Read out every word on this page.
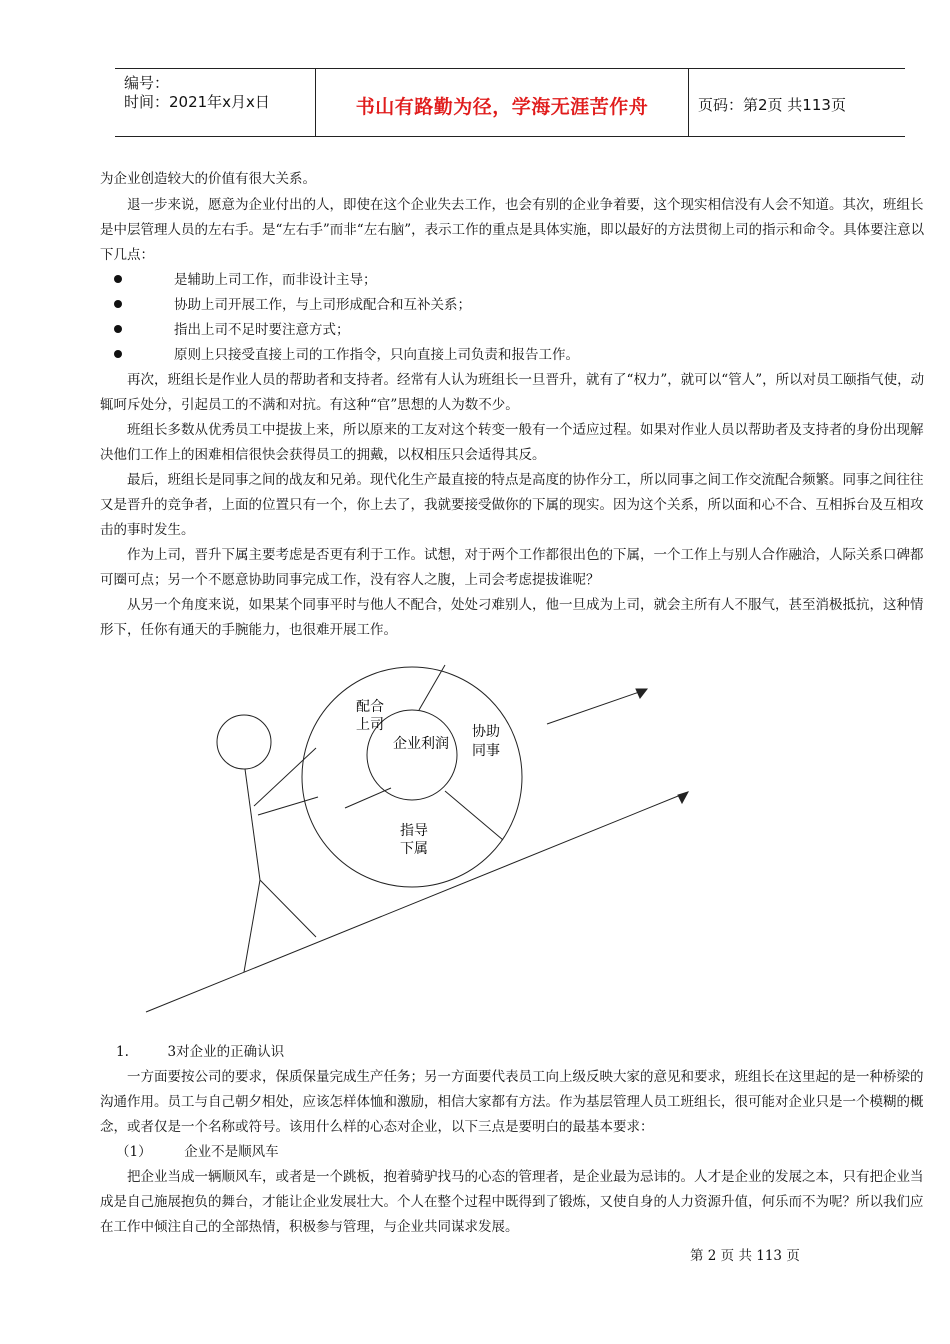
编号：
时间：2021年x月x日	书山有路勤为径，学海无涯苦作舟	页码：第2页 共113页

为企业创造较大的价值有很大关系。

　　退一步来说，愿意为企业付出的人，即使在这个企业失去工作，也会有别的企业争着要，这个现实相信没有人会不知道。其次，班组长是中层管理人员的左右手。是“左右手”而非“左右脑”，表示工作的重点是具体实施，即以最好的方法贯彻上司的指示和命令。具体要注意以下几点：

是辅助上司工作，而非设计主导；
协助上司开展工作，与上司形成配合和互补关系；
指出上司不足时要注意方式；
原则上只接受直接上司的工作指令，只向直接上司负责和报告工作。

　　再次，班组长是作业人员的帮助者和支持者。经常有人认为班组长一旦晋升，就有了“权力”，就可以“管人”，所以对员工颐指气使，动辄呵斥处分，引起员工的不满和对抗。有这种“官”思想的人为数不少。

　　班组长多数从优秀员工中提拔上来，所以原来的工友对这个转变一般有一个适应过程。如果对作业人员以帮助者及支持者的身份出现解决他们工作上的困难相信很快会获得员工的拥戴，以权相压只会适得其反。

　　最后，班组长是同事之间的战友和兄弟。现代化生产最直接的特点是高度的协作分工，所以同事之间工作交流配合频繁。同事之间往往又是晋升的竞争者，上面的位置只有一个，你上去了，我就要接受做你的下属的现实。因为这个关系，所以面和心不合、互相拆台及互相攻击的事时发生。

　　作为上司，晋升下属主要考虑是否更有利于工作。试想，对于两个工作都很出色的下属，一个工作上与别人合作融洽，人际关系口碑都可圈可点；另一个不愿意协助同事完成工作，没有容人之腹，上司会考虑提拔谁呢？

　　从另一个角度来说，如果某个同事平时与他人不配合，处处刁难别人，他一旦成为上司，就会主所有人不服气，甚至消极抵抗，这种情形下，任你有通天的手腕能力，也很难开展工作。

配合
上司
企业利润
协助
同事
指导
下属
1.	3对企业的正确认识

　　一方面要按公司的要求，保质保量完成生产任务；另一方面要代表员工向上级反映大家的意见和要求，班组长在这里起的是一种桥梁的沟通作用。员工与自己朝夕相处，应该怎样体恤和激励，相信大家都有方法。作为基层管理人员工班组长，很可能对企业只是一个模糊的概念，或者仅是一个名称或符号。该用什么样的心态对企业，以下三点是要明白的最基本要求：

（1） 企业不是顺风车

　　把企业当成一辆顺风车，或者是一个跳板，抱着骑驴找马的心态的管理者，是企业最为忌讳的。人才是企业的发展之本，只有把企业当成是自己施展抱负的舞台，才能让企业发展壮大。个人在整个过程中既得到了锻炼，又使自身的人力资源升值，何乐而不为呢？所以我们应在工作中倾注自己的全部热情，积极参与管理，与企业共同谋求发展。

第 2 页 共 113 页
